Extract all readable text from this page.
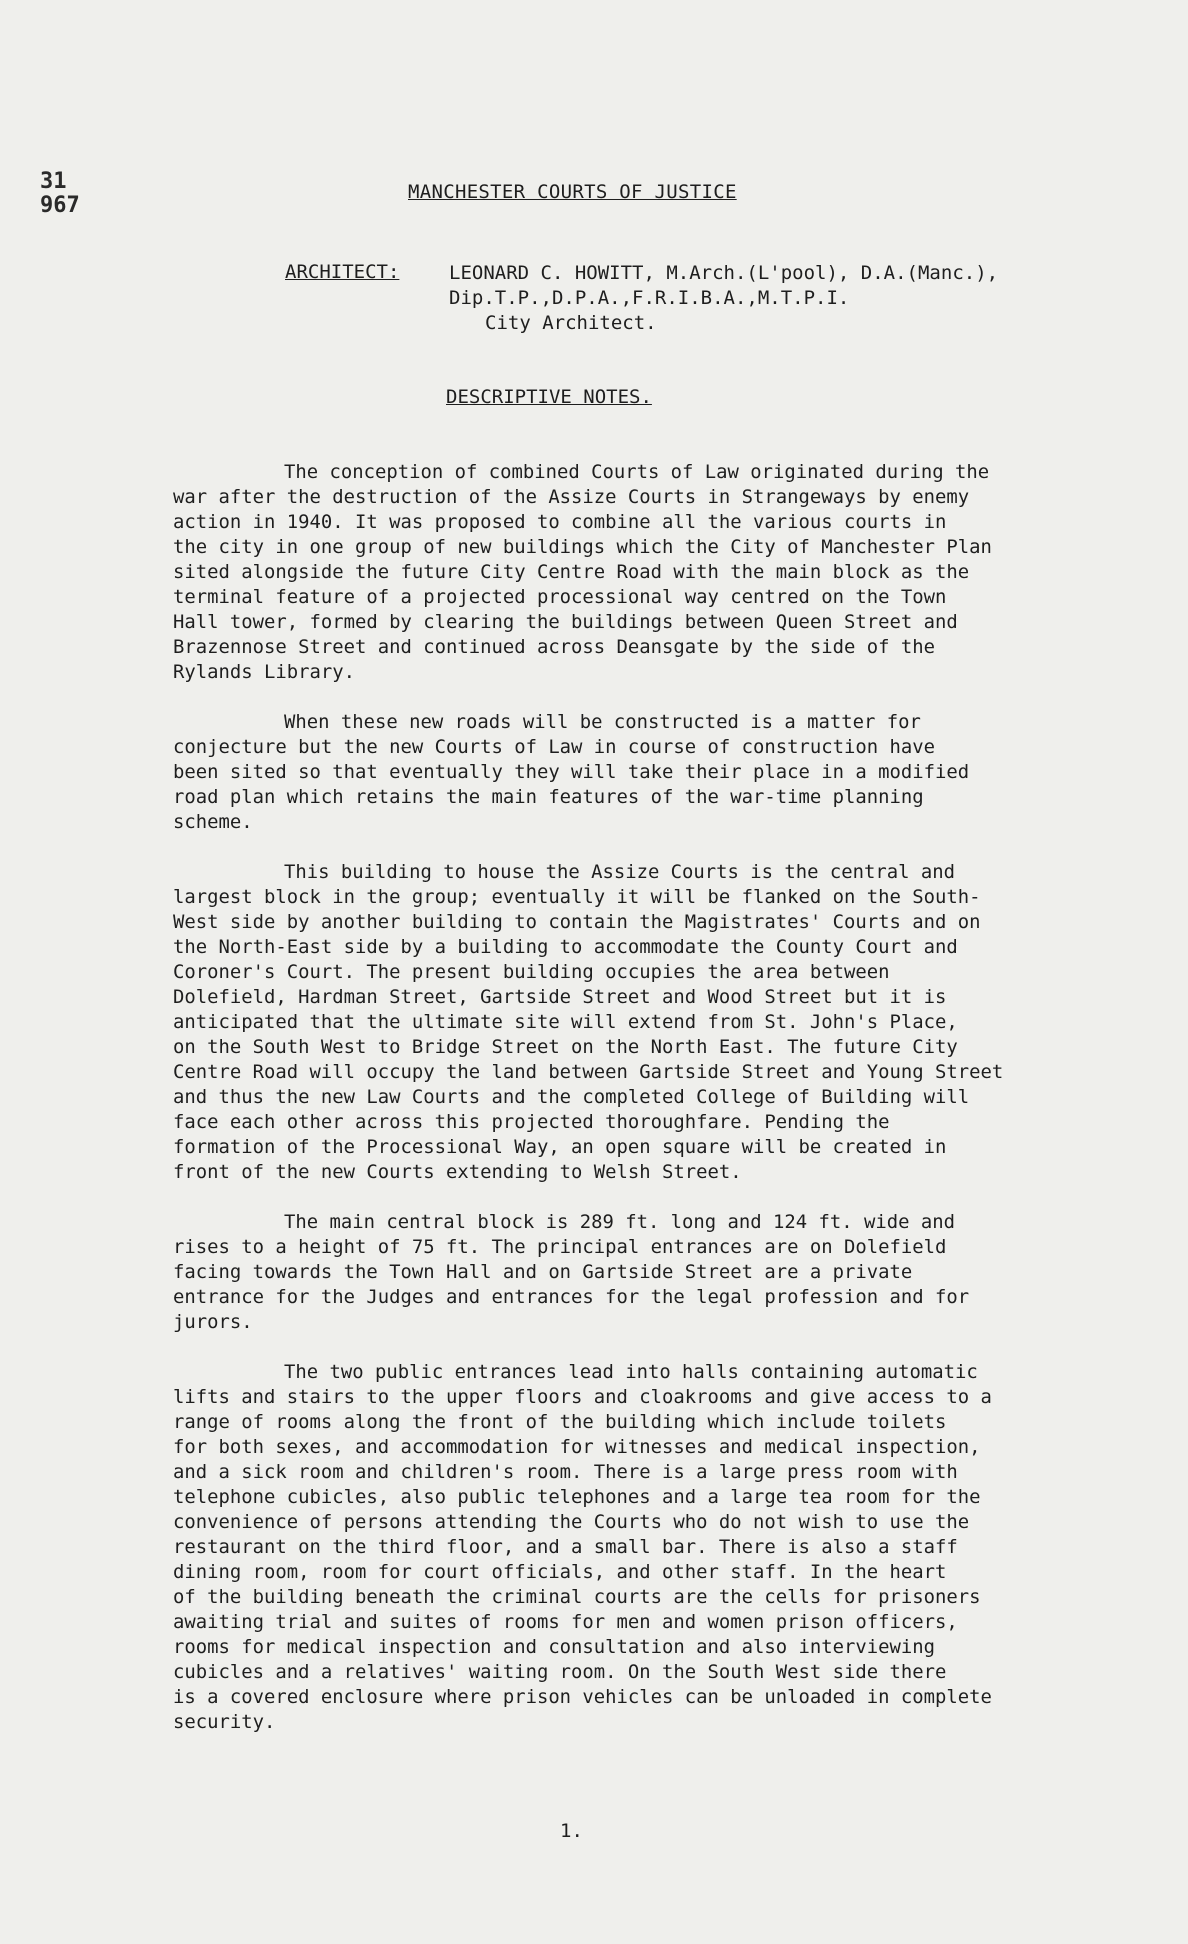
31
967
MANCHESTER COURTS OF JUSTICE
ARCHITECT:	LEONARD C. HOWITT, M.Arch.(L'pool), D.A.(Manc.),
Dip.T.P.,D.P.A.,F.R.I.B.A.,M.T.P.I.
City Architect.
DESCRIPTIVE NOTES.
The conception of combined Courts of Law originated during the
war after the destruction of the Assize Courts in Strangeways by enemy
action in 1940. It was proposed to combine all the various courts in
the city in one group of new buildings which the City of Manchester Plan
sited alongside the future City Centre Road with the main block as the
terminal feature of a projected processional way centred on the Town
Hall tower, formed by clearing the buildings between Queen Street and
Brazennose Street and continued across Deansgate by the side of the
Rylands Library.
When these new roads will be constructed is a matter for
conjecture but the new Courts of Law in course of construction have
been sited so that eventually they will take their place in a modified
road plan which retains the main features of the war-time planning
scheme.
This building to house the Assize Courts is the central and
largest block in the group; eventually it will be flanked on the South-
West side by another building to contain the Magistrates' Courts and on
the North-East side by a building to accommodate the County Court and
Coroner's Court. The present building occupies the area between
Dolefield, Hardman Street, Gartside Street and Wood Street but it is
anticipated that the ultimate site will extend from St. John's Place,
on the South West to Bridge Street on the North East. The future City
Centre Road will occupy the land between Gartside Street and Young Street
and thus the new Law Courts and the completed College of Building will
face each other across this projected thoroughfare. Pending the
formation of the Processional Way, an open square will be created in
front of the new Courts extending to Welsh Street.
The main central block is 289 ft. long and 124 ft. wide and
rises to a height of 75 ft. The principal entrances are on Dolefield
facing towards the Town Hall and on Gartside Street are a private
entrance for the Judges and entrances for the legal profession and for
jurors.
The two public entrances lead into halls containing automatic
lifts and stairs to the upper floors and cloakrooms and give access to a
range of rooms along the front of the building which include toilets
for both sexes, and accommodation for witnesses and medical inspection,
and a sick room and children's room. There is a large press room with
telephone cubicles, also public telephones and a large tea room for the
convenience of persons attending the Courts who do not wish to use the
restaurant on the third floor, and a small bar. There is also a staff
dining room, room for court officials, and other staff. In the heart
of the building beneath the criminal courts are the cells for prisoners
awaiting trial and suites of rooms for men and women prison officers,
rooms for medical inspection and consultation and also interviewing
cubicles and a relatives' waiting room. On the South West side there
is a covered enclosure where prison vehicles can be unloaded in complete
security.
1.
